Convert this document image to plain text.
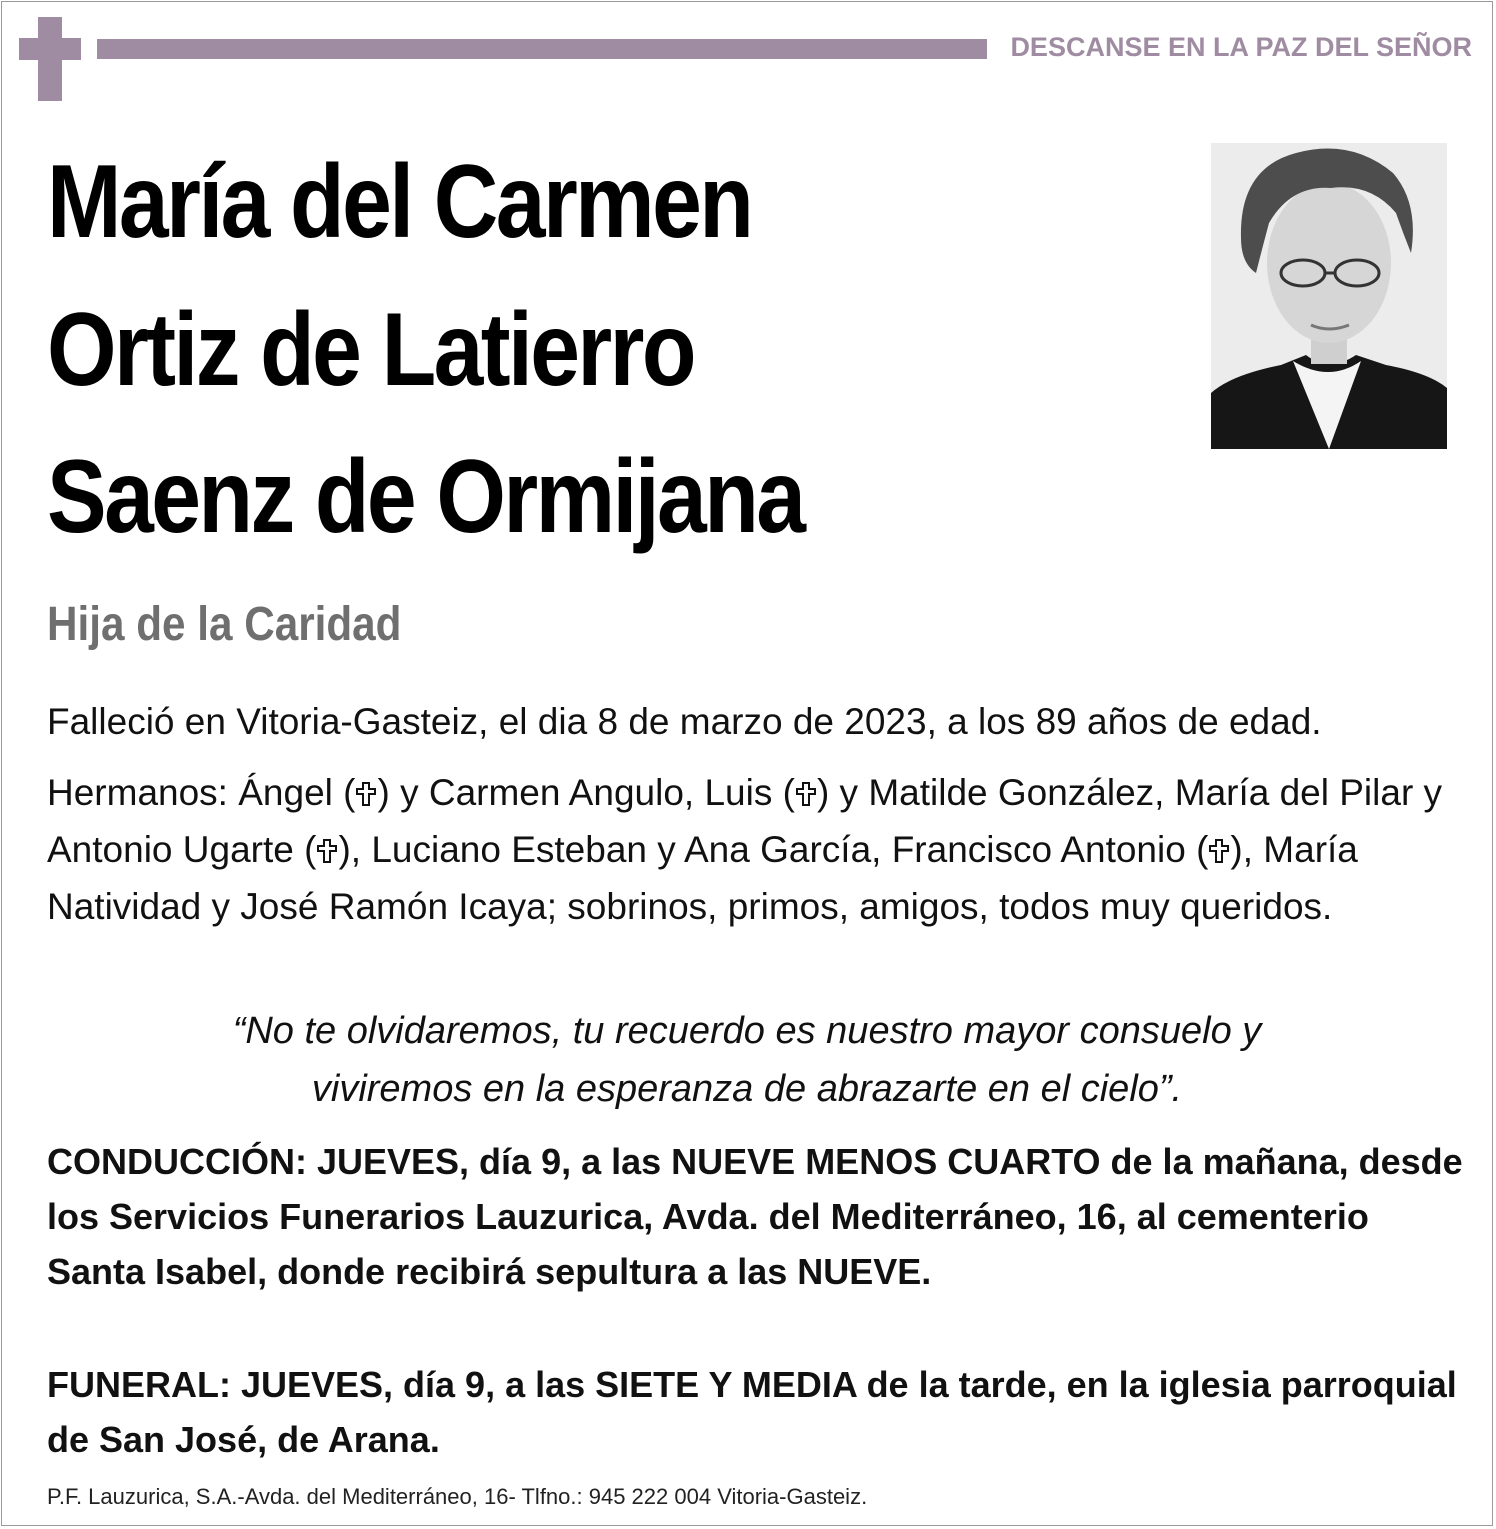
DESCANSE EN LA PAZ DEL SEÑOR
María del Carmen
Ortiz de Latierro
Saenz de Ormijana
Hija de la Caridad
Falleció en Vitoria-Gasteiz, el dia 8 de marzo de 2023, a los 89 años de edad.
Hermanos: Ángel ( ) y Carmen Angulo, Luis ( ) y Matilde González, María del Pilar y Antonio Ugarte ( ), Luciano Esteban y Ana García, Francisco Antonio ( ), María Natividad y José Ramón Icaya; sobrinos, primos, amigos, todos muy queridos.
“No te olvidaremos, tu recuerdo es nuestro mayor consuelo y
viviremos en la esperanza de abrazarte en el cielo”.
CONDUCCIÓN: JUEVES, día 9, a las NUEVE MENOS CUARTO de la mañana, desde los Servicios Funerarios Lauzurica, Avda. del Mediterráneo, 16, al cementerio Santa Isabel, donde recibirá sepultura a las NUEVE.
FUNERAL: JUEVES, día 9, a las SIETE Y MEDIA de la tarde, en la iglesia parroquial de San José, de Arana.
P.F. Lauzurica, S.A.-Avda. del Mediterráneo, 16- Tlfno.: 945 222 004 Vitoria-Gasteiz.
